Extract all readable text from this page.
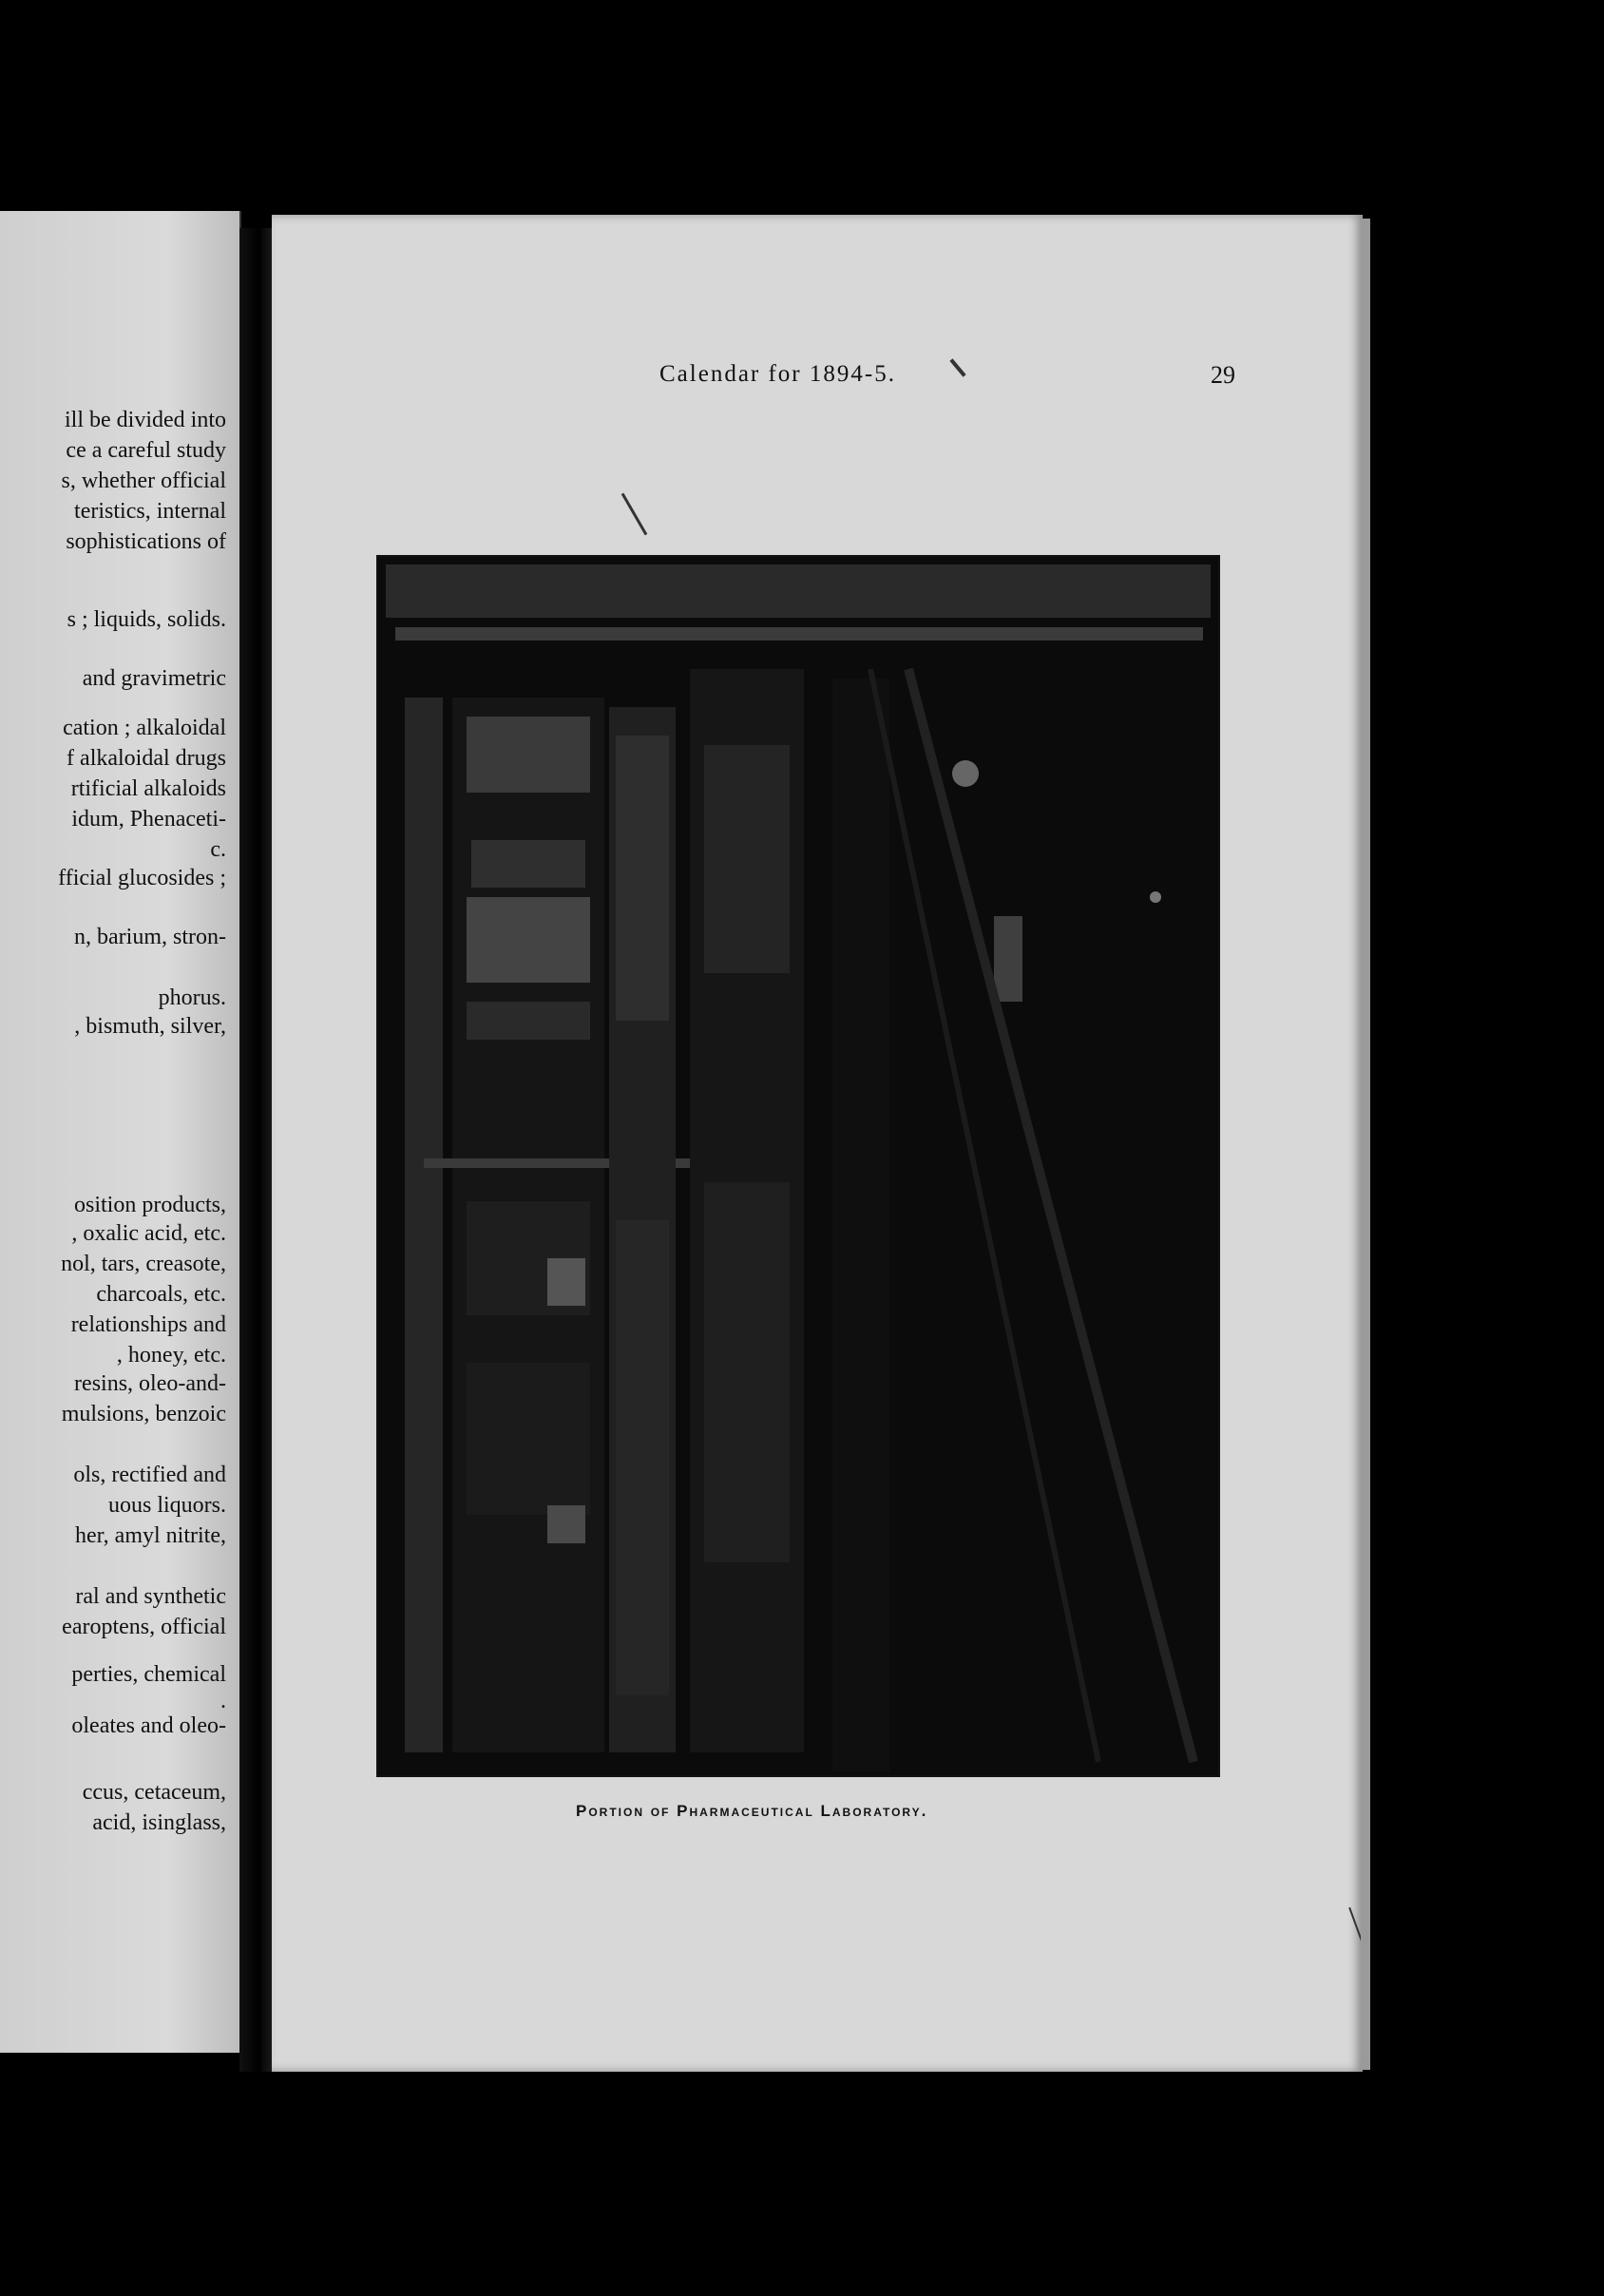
ill be divided into
ce a careful study
s, whether official
teristics, internal
sophistications of
s ; liquids, solids.
and gravimetric
cation ; alkaloidal
f alkaloidal drugs
rtificial alkaloids
idum, Phenaceti-
c.
fficial glucosides ;
n, barium, stron-
phorus.
, bismuth, silver,
osition products,
, oxalic acid, etc.
nol, tars, creasote,
charcoals, etc.
relationships and
, honey, etc.
resins, oleo-and-
mulsions, benzoic
ols, rectified and
uous liquors.
her, amyl nitrite,
ral and synthetic
earoptens, official
perties, chemical
.
oleates and oleo-
ccus, cetaceum,
acid, isinglass,
Calendar for 1894-5.	29
Portion of Pharmaceutical Laboratory.
